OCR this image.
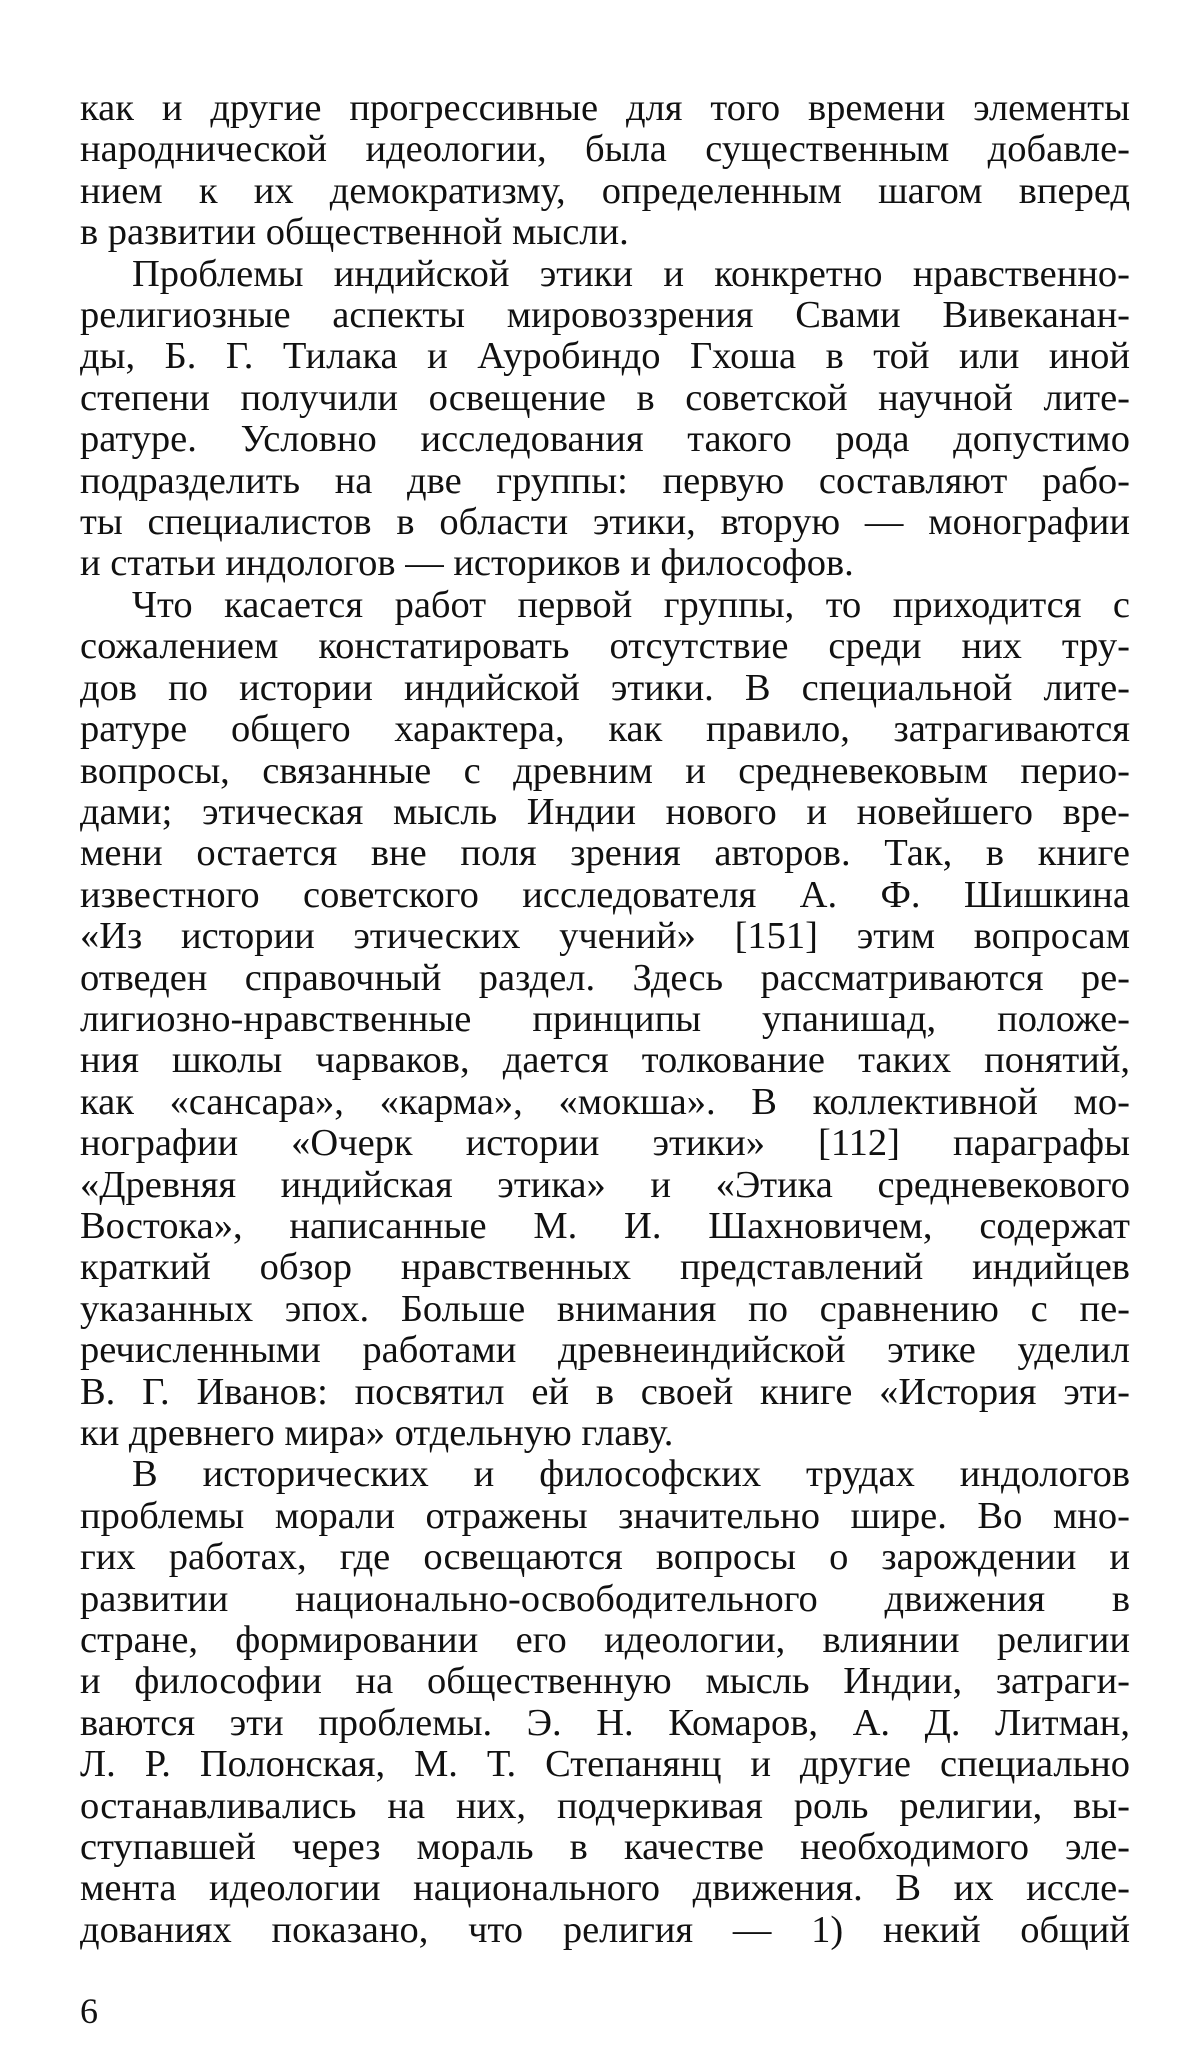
как и другие прогрессивные для того времени элементы
народнической идеологии, была существенным добавле-
нием к их демократизму, определенным шагом вперед
в развитии общественной мысли.
Проблемы индийской этики и конкретно нравственно-
религиозные аспекты мировоззрения Свами Вивеканан-
ды, Б. Г. Тилака и Ауробиндо Гхоша в той или иной
степени получили освещение в советской научной лите-
ратуре. Условно исследования такого рода допустимо
подразделить на две группы: первую составляют рабо-
ты специалистов в области этики, вторую — монографии
и статьи индологов — историков и философов.
Что касается работ первой группы, то приходится с
сожалением констатировать отсутствие среди них тру-
дов по истории индийской этики. В специальной лите-
ратуре общего характера, как правило, затрагиваются
вопросы, связанные с древним и средневековым перио-
дами; этическая мысль Индии нового и новейшего вре-
мени остается вне поля зрения авторов. Так, в книге
известного советского исследователя А. Ф. Шишкина
«Из истории этических учений» [151] этим вопросам
отведен справочный раздел. Здесь рассматриваются ре-
лигиозно-нравственные принципы упанишад, положе-
ния школы чарваков, дается толкование таких понятий,
как «сансара», «карма», «мокша». В коллективной мо-
нографии «Очерк истории этики» [112] параграфы
«Древняя индийская этика» и «Этика средневекового
Востока», написанные М. И. Шахновичем, содержат
краткий обзор нравственных представлений индийцев
указанных эпох. Больше внимания по сравнению с пе-
речисленными работами древнеиндийской этике уделил
В. Г. Иванов: посвятил ей в своей книге «История эти-
ки древнего мира» отдельную главу.
В исторических и философских трудах индологов
проблемы морали отражены значительно шире. Во мно-
гих работах, где освещаются вопросы о зарождении и
развитии национально-освободительного движения в
стране, формировании его идеологии, влиянии религии
и философии на общественную мысль Индии, затраги-
ваются эти проблемы. Э. Н. Комаров, А. Д. Литман,
Л. Р. Полонская, М. Т. Степанянц и другие специально
останавливались на них, подчеркивая роль религии, вы-
ступавшей через мораль в качестве необходимого эле-
мента идеологии национального движения. В их иссле-
дованиях показано, что религия — 1) некий общий
6
